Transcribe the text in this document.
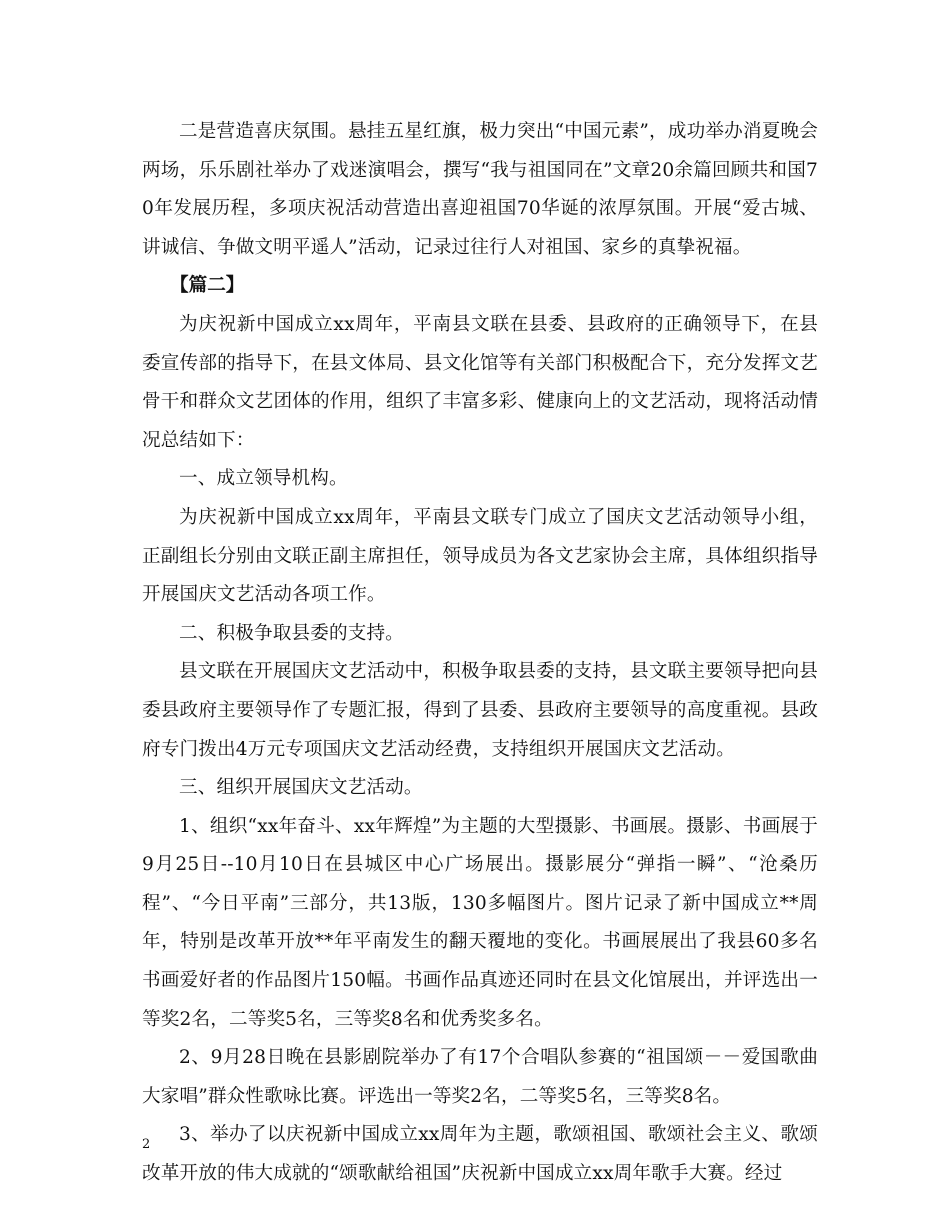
二是营造喜庆氛围。悬挂五星红旗，极力突出“中国元素”，成功举办消夏晚会两场，乐乐剧社举办了戏迷演唱会，撰写“我与祖国同在”文章20余篇回顾共和国70年发展历程，多项庆祝活动营造出喜迎祖国70华诞的浓厚氛围。开展“爱古城、讲诚信、争做文明平遥人”活动，记录过往行人对祖国、家乡的真挚祝福。

【篇二】

为庆祝新中国成立xx周年，平南县文联在县委、县政府的正确领导下，在县委宣传部的指导下，在县文体局、县文化馆等有关部门积极配合下，充分发挥文艺骨干和群众文艺团体的作用，组织了丰富多彩、健康向上的文艺活动，现将活动情况总结如下：

一、成立领导机构。

为庆祝新中国成立xx周年，平南县文联专门成立了国庆文艺活动领导小组，正副组长分别由文联正副主席担任，领导成员为各文艺家协会主席，具体组织指导开展国庆文艺活动各项工作。

二、积极争取县委的支持。

县文联在开展国庆文艺活动中，积极争取县委的支持，县文联主要领导把向县委县政府主要领导作了专题汇报，得到了县委、县政府主要领导的高度重视。县政府专门拨出4万元专项国庆文艺活动经费，支持组织开展国庆文艺活动。

三、组织开展国庆文艺活动。

1、组织“xx年奋斗、xx年辉煌”为主题的大型摄影、书画展。摄影、书画展于9月25日--10月10日在县城区中心广场展出。摄影展分“弹指一瞬”、“沧桑历程”、“今日平南”三部分，共13版，130多幅图片。图片记录了新中国成立**周年，特别是改革开放**年平南发生的翻天覆地的变化。书画展展出了我县60多名书画爱好者的作品图片150幅。书画作品真迹还同时在县文化馆展出，并评选出一等奖2名，二等奖5名，三等奖8名和优秀奖多名。

2、9月28日晚在县影剧院举办了有17个合唱队参赛的“祖国颂－－爱国歌曲大家唱”群众性歌咏比赛。评选出一等奖2名，二等奖5名，三等奖8名。

3、举办了以庆祝新中国成立xx周年为主题，歌颂祖国、歌颂社会主义、歌颂改革开放的伟大成就的“颂歌献给祖国”庆祝新中国成立xx周年歌手大赛。经过

2
